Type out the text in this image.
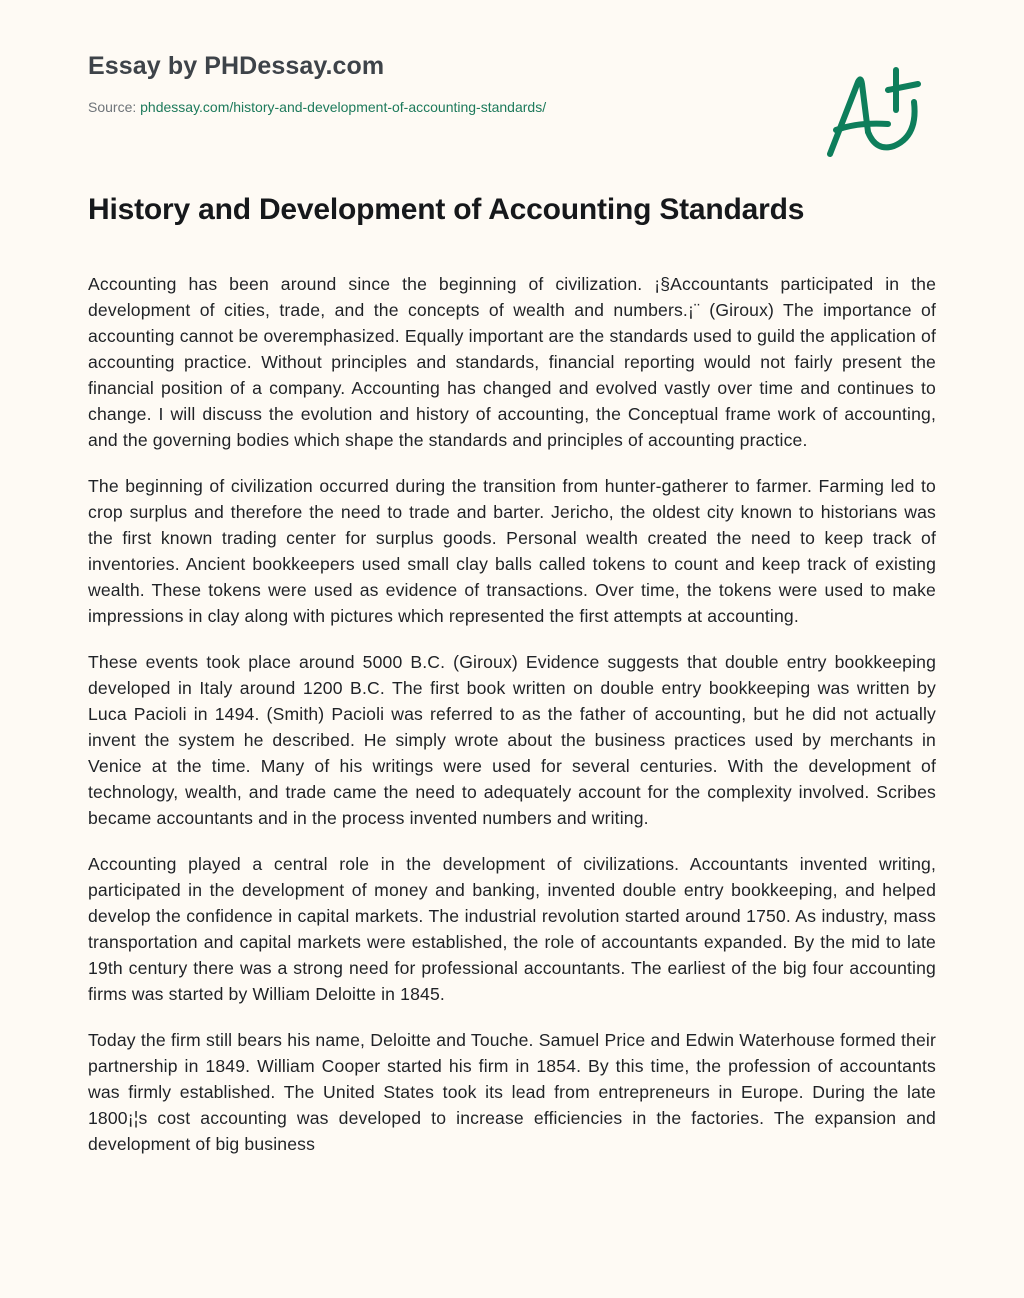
Essay by PHDessay.com
Source: phdessay.com/history-and-development-of-accounting-standards/
History and Development of Accounting Standards

Accounting has been around since the beginning of civilization. ¡§Accountants participated in the development of cities, trade, and the concepts of wealth and numbers.¡¨ (Giroux) The importance of accounting cannot be overemphasized. Equally important are the standards used to guild the application of accounting practice. Without principles and standards, financial reporting would not fairly present the financial position of a company. Accounting has changed and evolved vastly over time and continues to change. I will discuss the evolution and history of accounting, the Conceptual frame work of accounting, and the governing bodies which shape the standards and principles of accounting practice.

The beginning of civilization occurred during the transition from hunter-gatherer to farmer. Farming led to crop surplus and therefore the need to trade and barter. Jericho, the oldest city known to historians was the first known trading center for surplus goods. Personal wealth created the need to keep track of inventories. Ancient bookkeepers used small clay balls called tokens to count and keep track of existing wealth. These tokens were used as evidence of transactions. Over time, the tokens were used to make impressions in clay along with pictures which represented the first attempts at accounting.

These events took place around 5000 B.C. (Giroux) Evidence suggests that double entry bookkeeping developed in Italy around 1200 B.C. The first book written on double entry bookkeeping was written by Luca Pacioli in 1494. (Smith) Pacioli was referred to as the father of accounting, but he did not actually invent the system he described. He simply wrote about the business practices used by merchants in Venice at the time. Many of his writings were used for several centuries. With the development of technology, wealth, and trade came the need to adequately account for the complexity involved. Scribes became accountants and in the process invented numbers and writing.

Accounting played a central role in the development of civilizations. Accountants invented writing, participated in the development of money and banking, invented double entry bookkeeping, and helped develop the confidence in capital markets. The industrial revolution started around 1750. As industry, mass transportation and capital markets were established, the role of accountants expanded. By the mid to late 19th century there was a strong need for professional accountants. The earliest of the big four accounting firms was started by William Deloitte in 1845.

Today the firm still bears his name, Deloitte and Touche. Samuel Price and Edwin Waterhouse formed their partnership in 1849. William Cooper started his firm in 1854. By this time, the profession of accountants was firmly established. The United States took its lead from entrepreneurs in Europe. During the late 1800¡¦s cost accounting was developed to increase efficiencies in the factories. The expansion and development of big business
